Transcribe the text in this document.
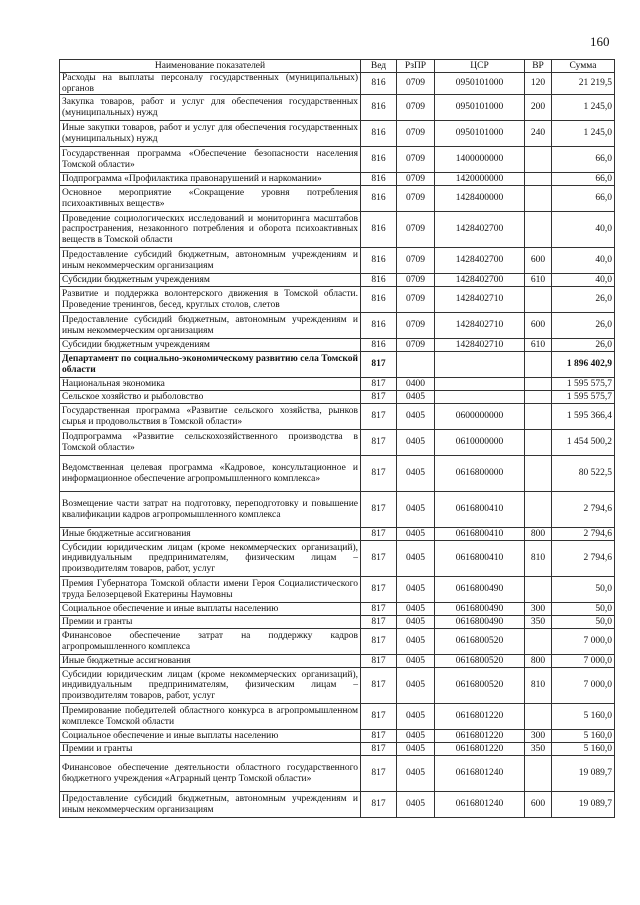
160
Наименование показателей	Вед	РзПР	ЦСР	ВР	Сумма
Расходы на выплаты персоналу государственных (муниципальных) органов	816	0709	0950101000	120	21 219,5
Закупка товаров, работ и услуг для обеспечения государственных (муниципальных) нужд	816	0709	0950101000	200	1 245,0
Иные закупки товаров, работ и услуг для обеспечения государственных (муниципальных) нужд	816	0709	0950101000	240	1 245,0
Государственная программа «Обеспечение безопасности населения Томской области»	816	0709	1400000000		66,0
Подпрограмма «Профилактика правонарушений и наркомании»	816	0709	1420000000		66,0
Основное мероприятие «Сокращение уровня потребления психоактивных веществ»	816	0709	1428400000		66,0
Проведение социологических исследований и мониторинга масштабов распространения, незаконного потребления и оборота психоактивных веществ в Томской области	816	0709	1428402700		40,0
Предоставление субсидий бюджетным, автономным учреждениям и иным некоммерческим организациям	816	0709	1428402700	600	40,0
Субсидии бюджетным учреждениям	816	0709	1428402700	610	40,0
Развитие и поддержка волонтерского движения в Томской области. Проведение тренингов, бесед, круглых столов, слетов	816	0709	1428402710		26,0
Предоставление субсидий бюджетным, автономным учреждениям и иным некоммерческим организациям	816	0709	1428402710	600	26,0
Субсидии бюджетным учреждениям	816	0709	1428402710	610	26,0
Департамент по социально-экономическому развитию села Томской области	817				1 896 402,9
Национальная экономика	817	0400			1 595 575,7
Сельское хозяйство и рыболовство	817	0405			1 595 575,7
Государственная программа «Развитие сельского хозяйства, рынков сырья и продовольствия в Томской области»	817	0405	0600000000		1 595 366,4
Подпрограмма «Развитие сельскохозяйственного производства в Томской области»	817	0405	0610000000		1 454 500,2
Ведомственная целевая программа «Кадровое, консультационное и информационное обеспечение агропромышленного комплекса»	817	0405	0616800000		80 522,5
Возмещение части затрат на подготовку, переподготовку и повышение квалификации кадров агропромышленного комплекса	817	0405	0616800410		2 794,6
Иные бюджетные ассигнования	817	0405	0616800410	800	2 794,6
Субсидии юридическим лицам (кроме некоммерческих организаций), индивидуальным предпринимателям, физическим лицам – производителям товаров, работ, услуг	817	0405	0616800410	810	2 794,6
Премия Губернатора Томской области имени Героя Социалистического труда Белозерцевой Екатерины Наумовны	817	0405	0616800490		50,0
Социальное обеспечение и иные выплаты населению	817	0405	0616800490	300	50,0
Премии и гранты	817	0405	0616800490	350	50,0
Финансовое обеспечение затрат на поддержку кадров агропромышленного комплекса	817	0405	0616800520		7 000,0
Иные бюджетные ассигнования	817	0405	0616800520	800	7 000,0
Субсидии юридическим лицам (кроме некоммерческих организаций), индивидуальным предпринимателям, физическим лицам – производителям товаров, работ, услуг	817	0405	0616800520	810	7 000,0
Премирование победителей областного конкурса в агропромышленном комплексе Томской области	817	0405	0616801220		5 160,0
Социальное обеспечение и иные выплаты населению	817	0405	0616801220	300	5 160,0
Премии и гранты	817	0405	0616801220	350	5 160,0
Финансовое обеспечение деятельности областного государственного бюджетного учреждения «Аграрный центр Томской области»	817	0405	0616801240		19 089,7
Предоставление субсидий бюджетным, автономным учреждениям и иным некоммерческим организациям	817	0405	0616801240	600	19 089,7
